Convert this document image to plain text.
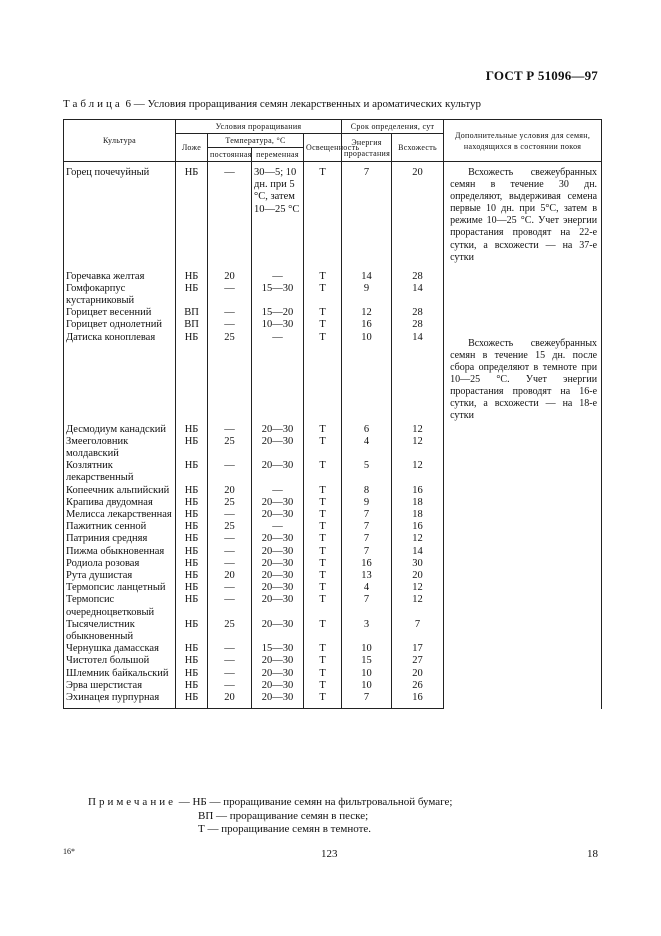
ГОСТ Р 51096—97
Таблица 6 — Условия проращивания семян лекарственных и ароматических культур
Культура	Условия проращивания				Срок определения, сут		Дополнительные условия для семян, находящихся в состоянии покоя
	Ложе	Температура, °С		Освещенность	Энергия прорастания	Всхожесть	
		постоянная	переменная				
Горец почечуйный	НБ	—	30—5; 10 дн. при 5 °С, затем 10—25 °С	Т	7	20	Всхожесть свежеубранных семян в течение 30 дн. определяют, выдерживая семена первые 10 дн. при 5°С, затем в режиме 10—25 °С. Учет энергии прорастания проводят на 22-е сутки, а всхожести — на 37-е сутки
Горечавка желтая	НБ	20	—	Т	14	28	
Гомфокарпус кустарниковый	НБ	—	15—30	Т	9	14	
Горицвет весенний	ВП	—	15—20	Т	12	28	
Горицвет однолетний	ВП	—	10—30	Т	16	28	
Датиска коноплевая	НБ	25	—	Т	10	14	Всхожесть свежеубранных семян в течение 15 дн. после сбора определяют в темноте при 10—25 °С. Учет энергии прорастания проводят на 16-е сутки, а всхожести — на 18-е сутки
Десмодиум канадский	НБ	—	20—30	Т	6	12	
Змееголовник молдавский	НБ	25	20—30	Т	4	12	
Козлятник лекарственный	НБ	—	20—30	Т	5	12	
Копеечник альпийский	НБ	20	—	Т	8	16	
Крапива двудомная	НБ	25	20—30	Т	9	18	
Мелисса лекарственная	НБ	—	20—30	Т	7	18	
Пажитник сенной	НБ	25	—	Т	7	16	
Патриния средняя	НБ	—	20—30	Т	7	12	
Пижма обыкновенная	НБ	—	20—30	Т	7	14	
Родиола розовая	НБ	—	20—30	Т	16	30	
Рута душистая	НБ	20	20—30	Т	13	20	
Термопсис ланцетный	НБ	—	20—30	Т	4	12	
Термопсис очередноцветковый	НБ	—	20—30	Т	7	12	
Тысячелистник обыкновенный	НБ	25	20—30	Т	3	7	
Чернушка дамасская	НБ	—	15—30	Т	10	17	
Чистотел большой	НБ	—	20—30	Т	15	27	
Шлемник байкальский	НБ	—	20—30	Т	10	20	
Эрва шерстистая	НБ	—	20—30	Т	10	26	
Эхинацея пурпурная	НБ	20	20—30	Т	7	16	
Примечание — НБ — проращивание семян на фильтровальной бумаге;
ВП — проращивание семян в песке;
Т — проращивание семян в темноте.
16*	123	18
